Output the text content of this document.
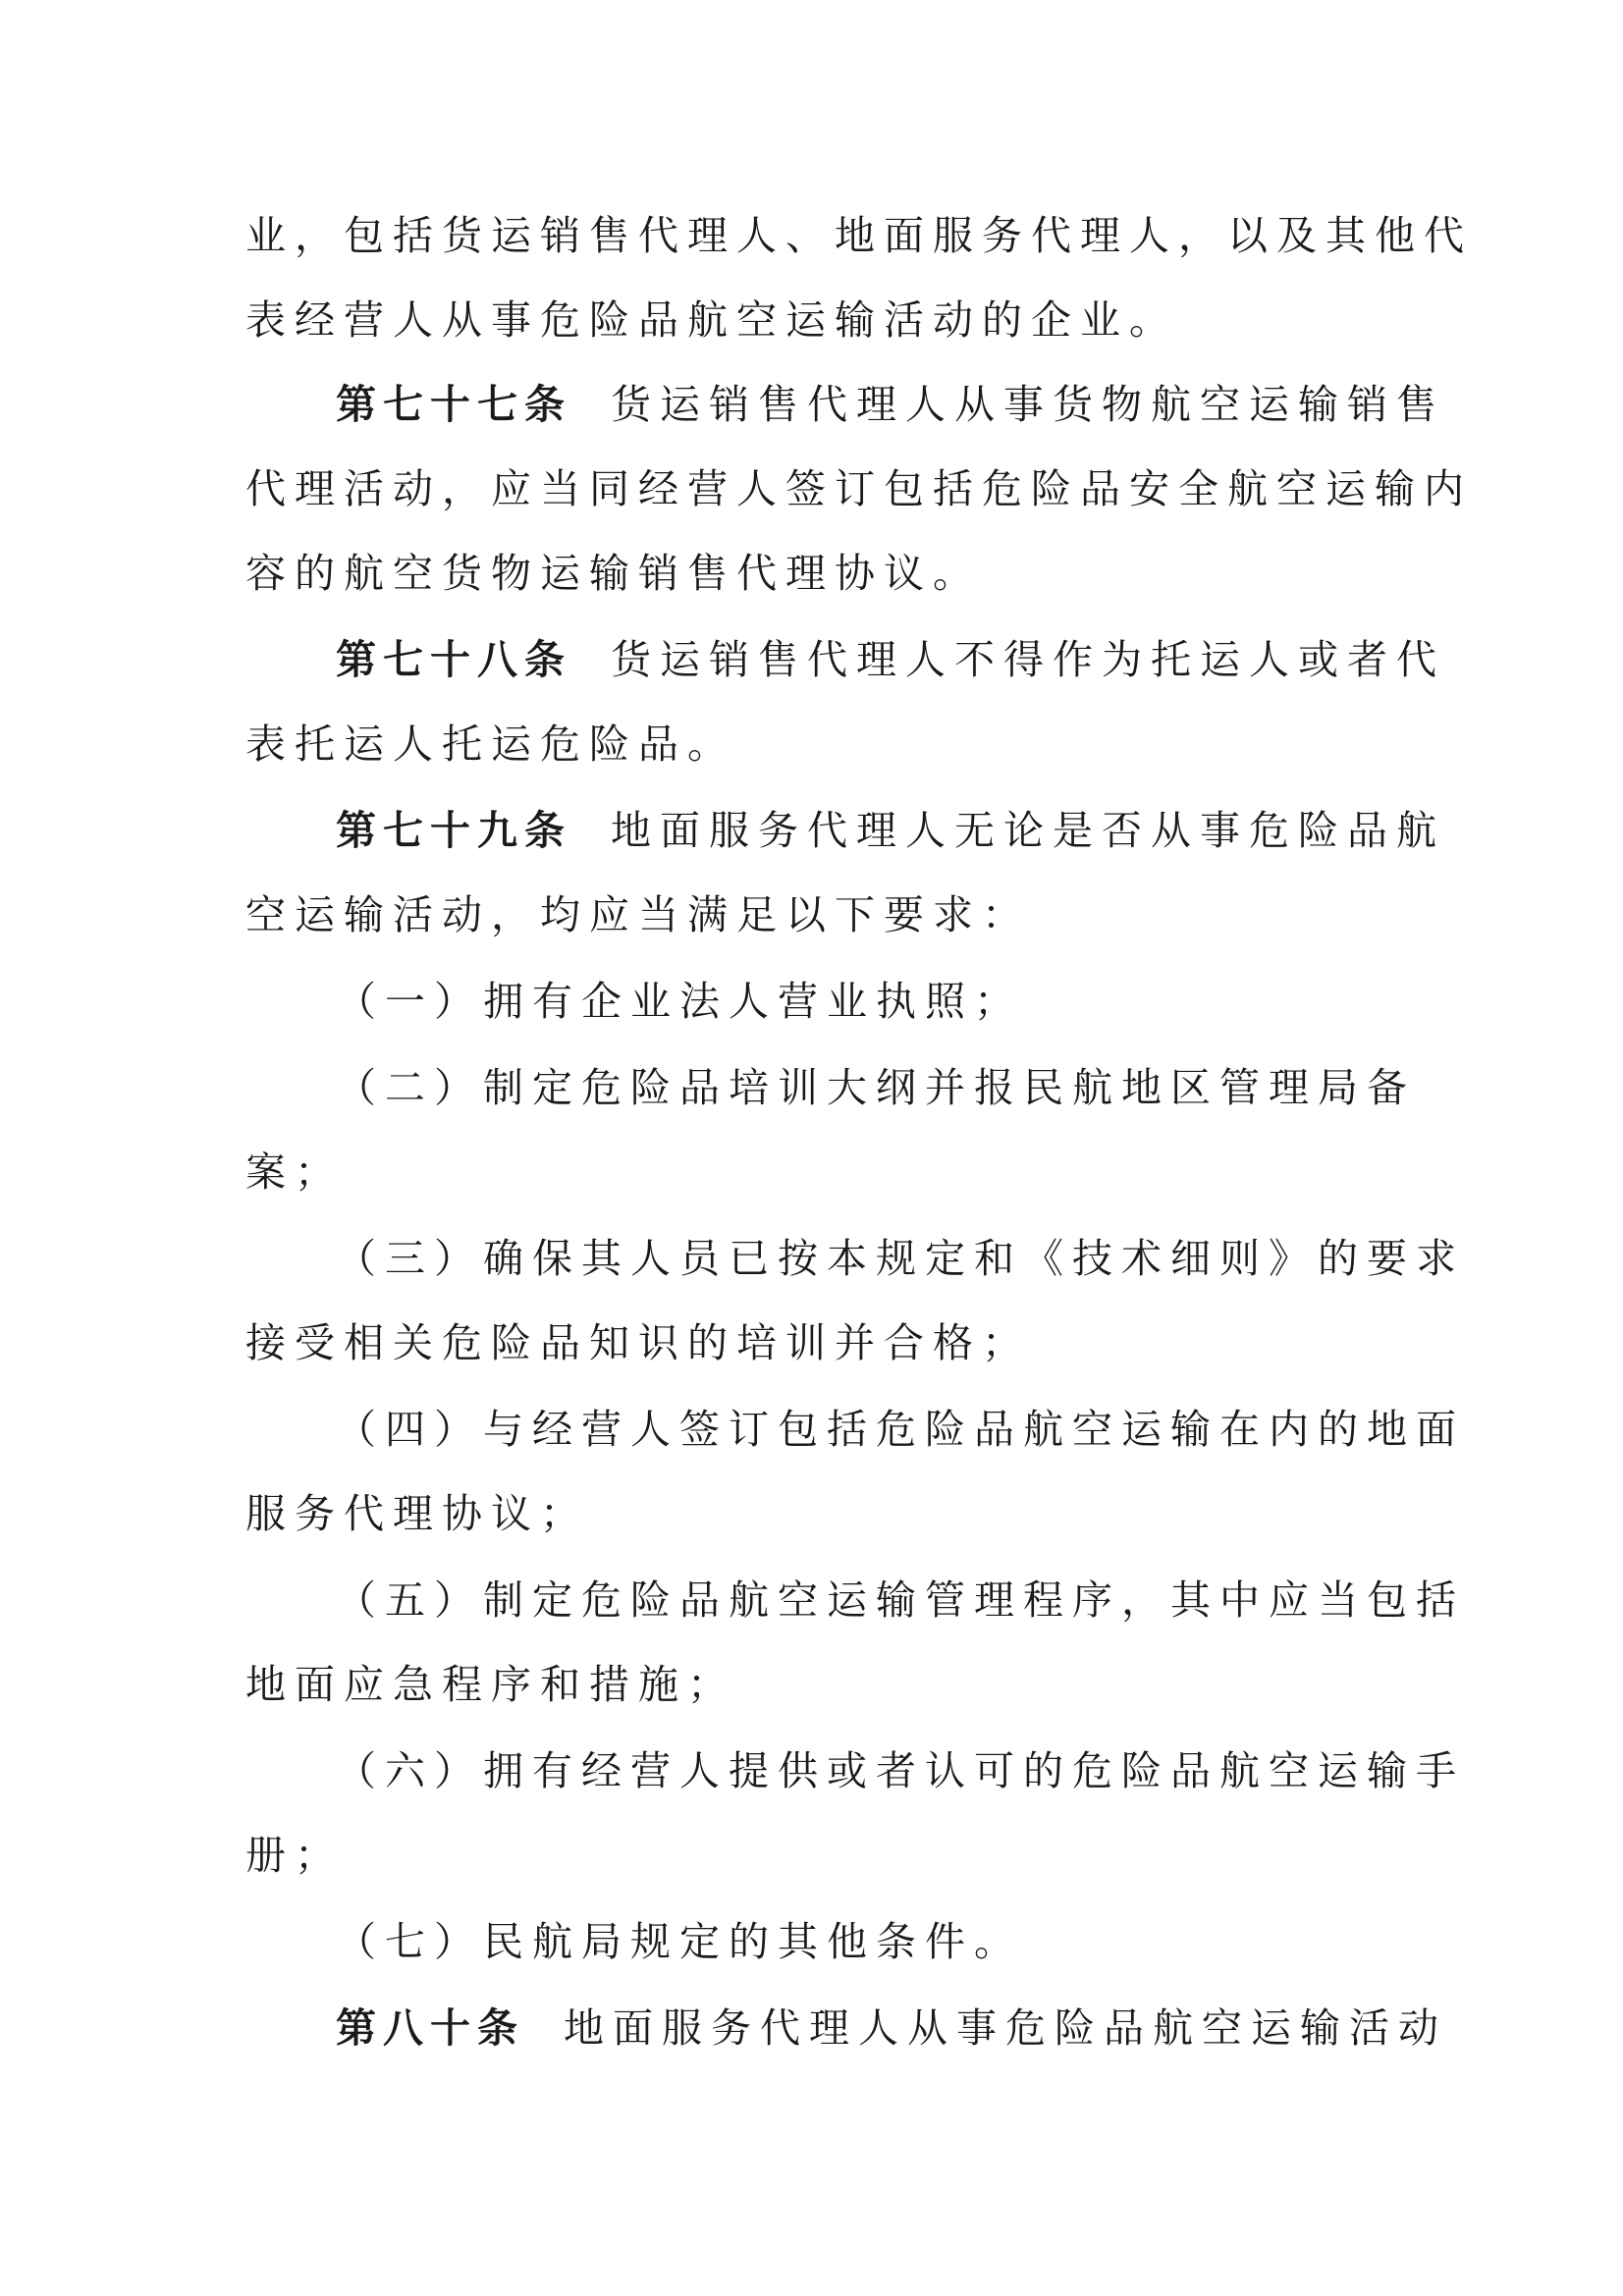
业，包括货运销售代理人、地面服务代理人，以及其他代
表经营人从事危险品航空运输活动的企业。
第七十七条 货运销售代理人从事货物航空运输销售
代理活动，应当同经营人签订包括危险品安全航空运输内
容的航空货物运输销售代理协议。
第七十八条 货运销售代理人不得作为托运人或者代
表托运人托运危险品。
第七十九条 地面服务代理人无论是否从事危险品航
空运输活动，均应当满足以下要求：
（一）拥有企业法人营业执照；
（二）制定危险品培训大纲并报民航地区管理局备
案；
（三）确保其人员已按本规定和《技术细则》的要求
接受相关危险品知识的培训并合格；
（四）与经营人签订包括危险品航空运输在内的地面
服务代理协议；
（五）制定危险品航空运输管理程序，其中应当包括
地面应急程序和措施；
（六）拥有经营人提供或者认可的危险品航空运输手
册；
（七）民航局规定的其他条件。
第八十条 地面服务代理人从事危险品航空运输活动
